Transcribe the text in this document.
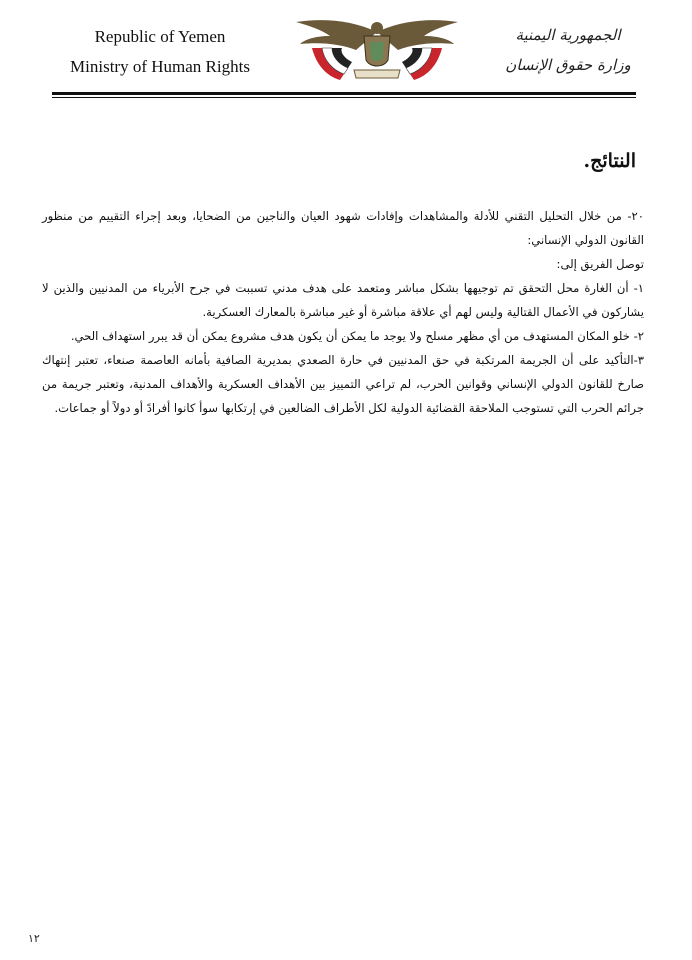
Republic of Yemen
Ministry of Human Rights
الجمهورية اليمنية
وزارة حقوق الإنسان
النتائج.

٢٠- من خلال التحليل التقني للأدلة والمشاهدات وإفادات شهود العيان والناجين من الضحايا، وبعد إجراء التقييم من منظور القانون الدولي الإنساني:

توصل الفريق إلى:

١- أن الغارة محل التحقق تم توجيهها بشكل مباشر ومتعمد على هدف مدني تسببت في جرح الأبرياء من المدنيين والذين لا يشاركون في الأعمال القتالية وليس لهم أي علاقة مباشرة أو غير مباشرة بالمعارك العسكرية.

٢- خلو المكان المستهدف من أي مظهر مسلح ولا يوجد ما يمكن أن يكون هدف مشروع يمكن أن قد يبرر استهداف الحي.

٣-التأكيد على أن الجريمة المرتكبة في حق المدنيين في حارة الصعدي بمديرية الصافية بأمانه العاصمة صنعاء، تعتبر إنتهاك صارخ للقانون الدولي الإنساني وقوانين الحرب، لم تراعي التمييز بين الأهداف العسكرية والأهداف المدنية، وتعتبر جريمة من جرائم الحرب التي تستوجب الملاحقة القضائية الدولية لكل الأطراف الضالعين في إرتكابها سوأ كانوا أفرادً أو دولاً أو جماعات.

١٢
